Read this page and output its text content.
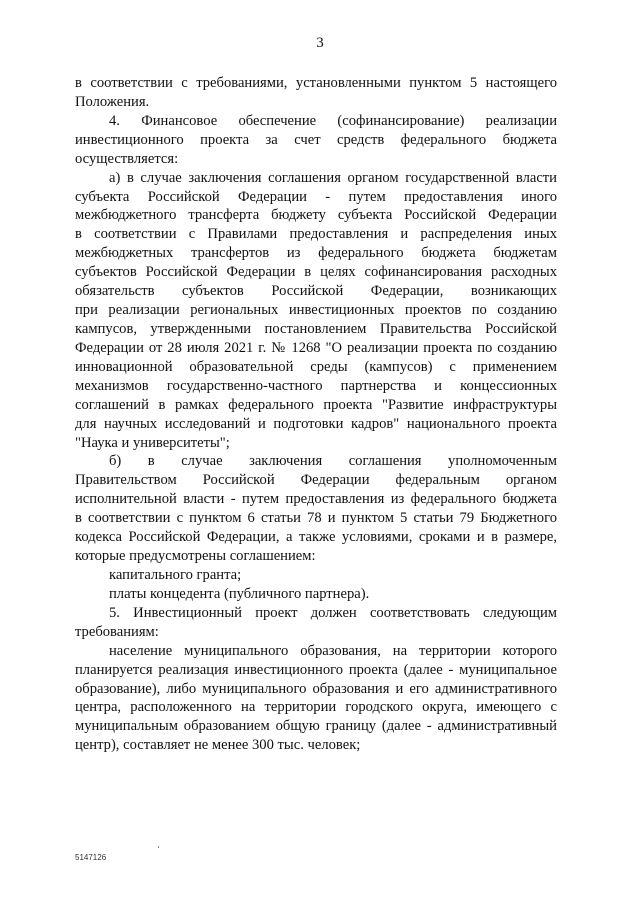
3
в соответствии с требованиями, установленными пунктом 5 настоящего
Положения.
4. Финансовое обеспечение (софинансирование) реализации
инвестиционного проекта за счет средств федерального бюджета
осуществляется:
а) в случае заключения соглашения органом государственной власти
субъекта Российской Федерации - путем предоставления иного
межбюджетного трансферта бюджету субъекта Российской Федерации
в соответствии с Правилами предоставления и распределения иных
межбюджетных трансфертов из федерального бюджета бюджетам
субъектов Российской Федерации в целях софинансирования расходных
обязательств субъектов Российской Федерации, возникающих
при реализации региональных инвестиционных проектов по созданию
кампусов, утвержденными постановлением Правительства Российской
Федерации от 28 июля 2021 г. № 1268 "О реализации проекта по созданию
инновационной образовательной среды (кампусов) с применением
механизмов государственно-частного партнерства и концессионных
соглашений в рамках федерального проекта "Развитие инфраструктуры
для научных исследований и подготовки кадров" национального проекта
"Наука и университеты";
б) в случае заключения соглашения уполномоченным
Правительством Российской Федерации федеральным органом
исполнительной власти - путем предоставления из федерального бюджета
в соответствии с пунктом 6 статьи 78 и пунктом 5 статьи 79 Бюджетного
кодекса Российской Федерации, а также условиями, сроками и в размере,
которые предусмотрены соглашением:
капитального гранта;
платы концедента (публичного партнера).
5. Инвестиционный проект должен соответствовать следующим
требованиям:
население муниципального образования, на территории которого
планируется реализация инвестиционного проекта (далее - муниципальное
образование), либо муниципального образования и его административного
центра, расположенного на территории городского округа, имеющего с
муниципальным образованием общую границу (далее - административный
центр), составляет не менее 300 тыс. человек;
5147126
